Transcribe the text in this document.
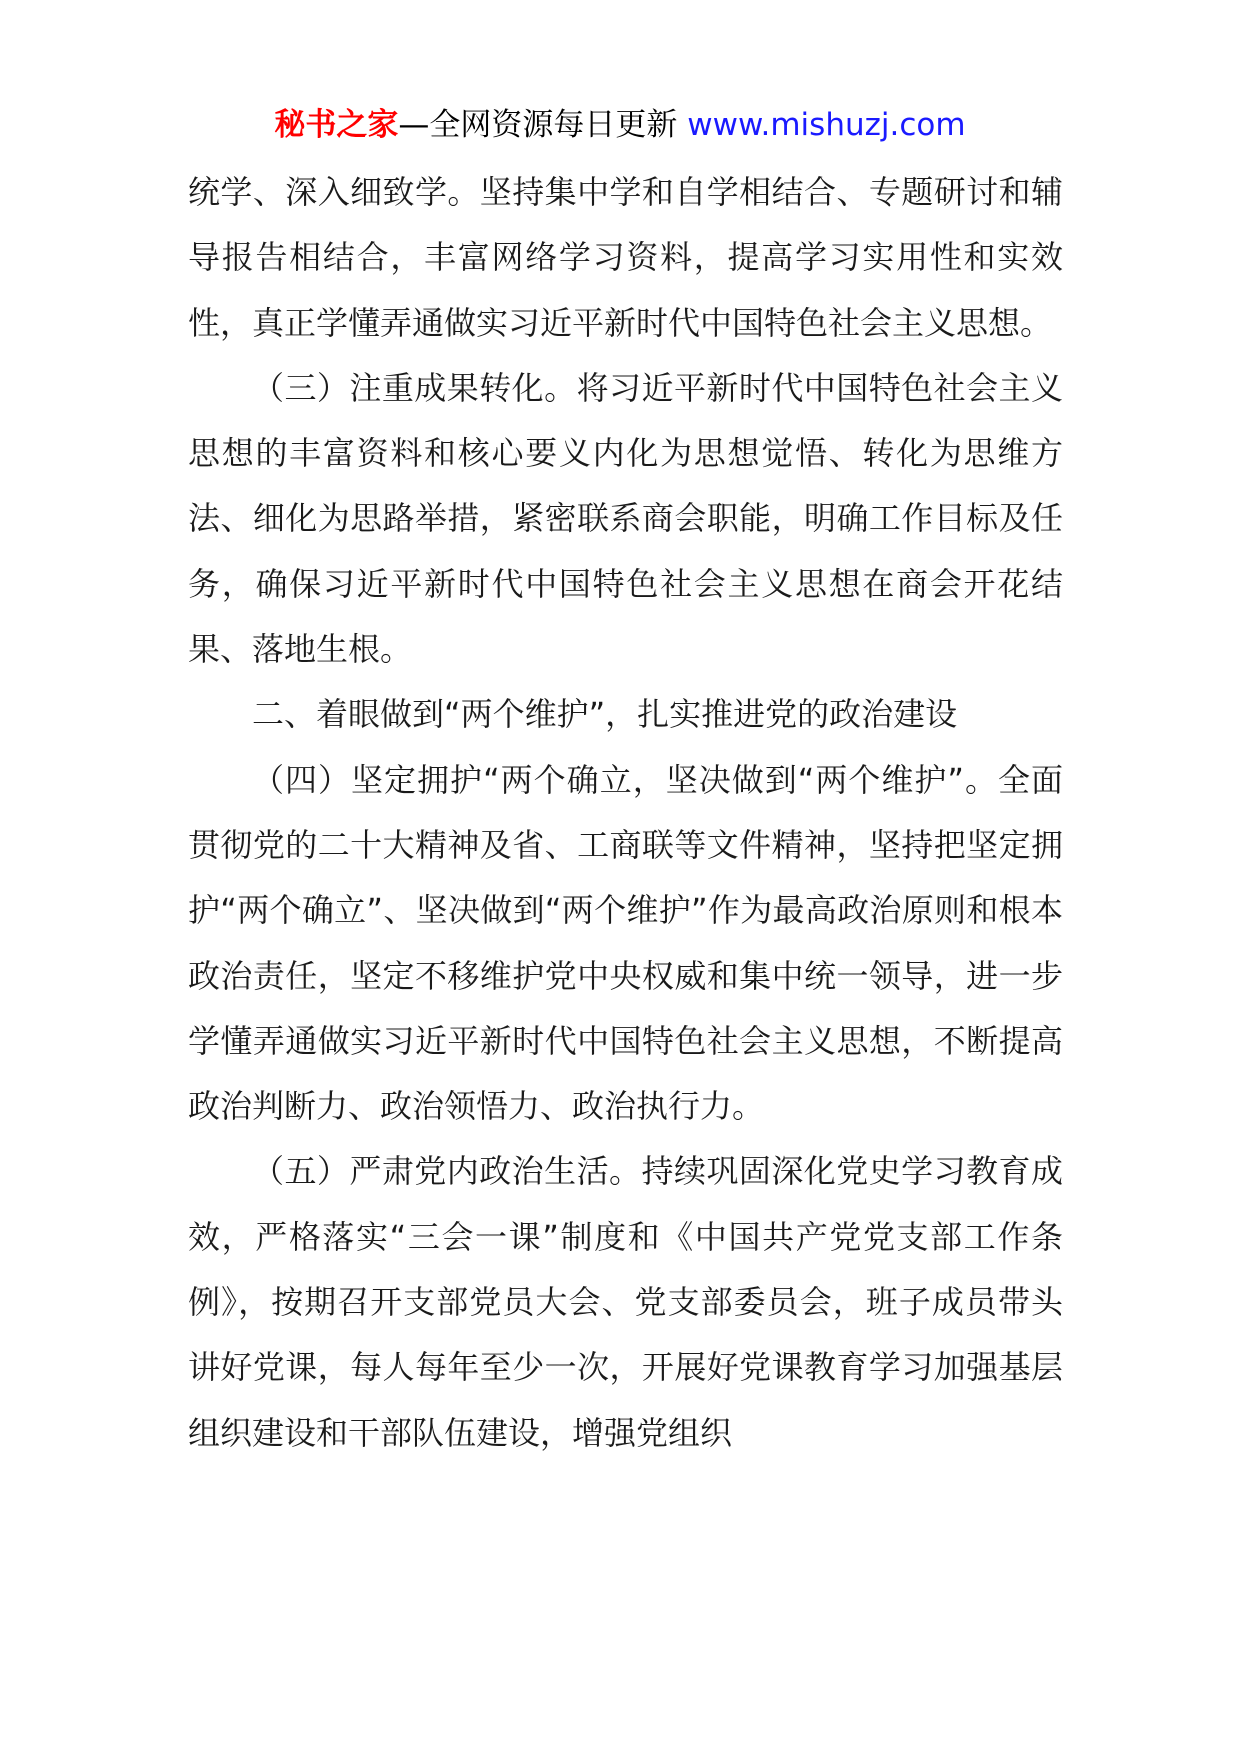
秘书之家—全网资源每日更新 www.mishuzj.com

统学、深入细致学。坚持集中学和自学相结合、专题研讨和辅导报告相结合，丰富网络学习资料，提高学习实用性和实效性，真正学懂弄通做实习近平新时代中国特色社会主义思想。

（三）注重成果转化。将习近平新时代中国特色社会主义思想的丰富资料和核心要义内化为思想觉悟、转化为思维方法、细化为思路举措，紧密联系商会职能，明确工作目标及任务，确保习近平新时代中国特色社会主义思想在商会开花结果、落地生根。

二、着眼做到“两个维护”，扎实推进党的政治建设

（四）坚定拥护“两个确立，坚决做到“两个维护”。全面贯彻党的二十大精神及省、工商联等文件精神，坚持把坚定拥护“两个确立”、坚决做到“两个维护”作为最高政治原则和根本政治责任，坚定不移维护党中央权威和集中统一领导，进一步学懂弄通做实习近平新时代中国特色社会主义思想，不断提高政治判断力、政治领悟力、政治执行力。

（五）严肃党内政治生活。持续巩固深化党史学习教育成效，严格落实“三会一课”制度和《中国共产党党支部工作条例》，按期召开支部党员大会、党支部委员会，班子成员带头讲好党课，每人每年至少一次，开展好党课教育学习加强基层组织建设和干部队伍建设，增强党组织
